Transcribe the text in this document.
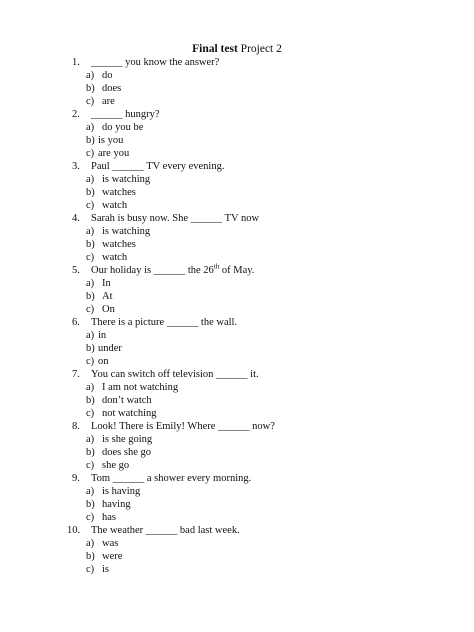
Final test Project 2
1.	______ you know the answer?
a) do
b) does
c) are
2.	______ hungry?
a) do you be
b) is you
c) are you
3.	Paul ______ TV every evening.
a) is watching
b) watches
c) watch
4.	Sarah is busy now. She ______ TV now
a) is watching
b) watches
c) watch
5.	Our holiday is ______ the 26th of May.
a) In
b) At
c) On
6.	There is a picture ______ the wall.
a) in
b) under
c) on
7.	You can switch off television ______ it.
a) I am not watching
b) don’t watch
c) not watching
8.	Look! There is Emily! Where ______ now?
a) is she going
b) does she go
c) she go
9.	Tom ______ a shower every morning.
a) is having
b) having
c) has
10.	The weather ______ bad last week.
a) was
b) were
c) is
